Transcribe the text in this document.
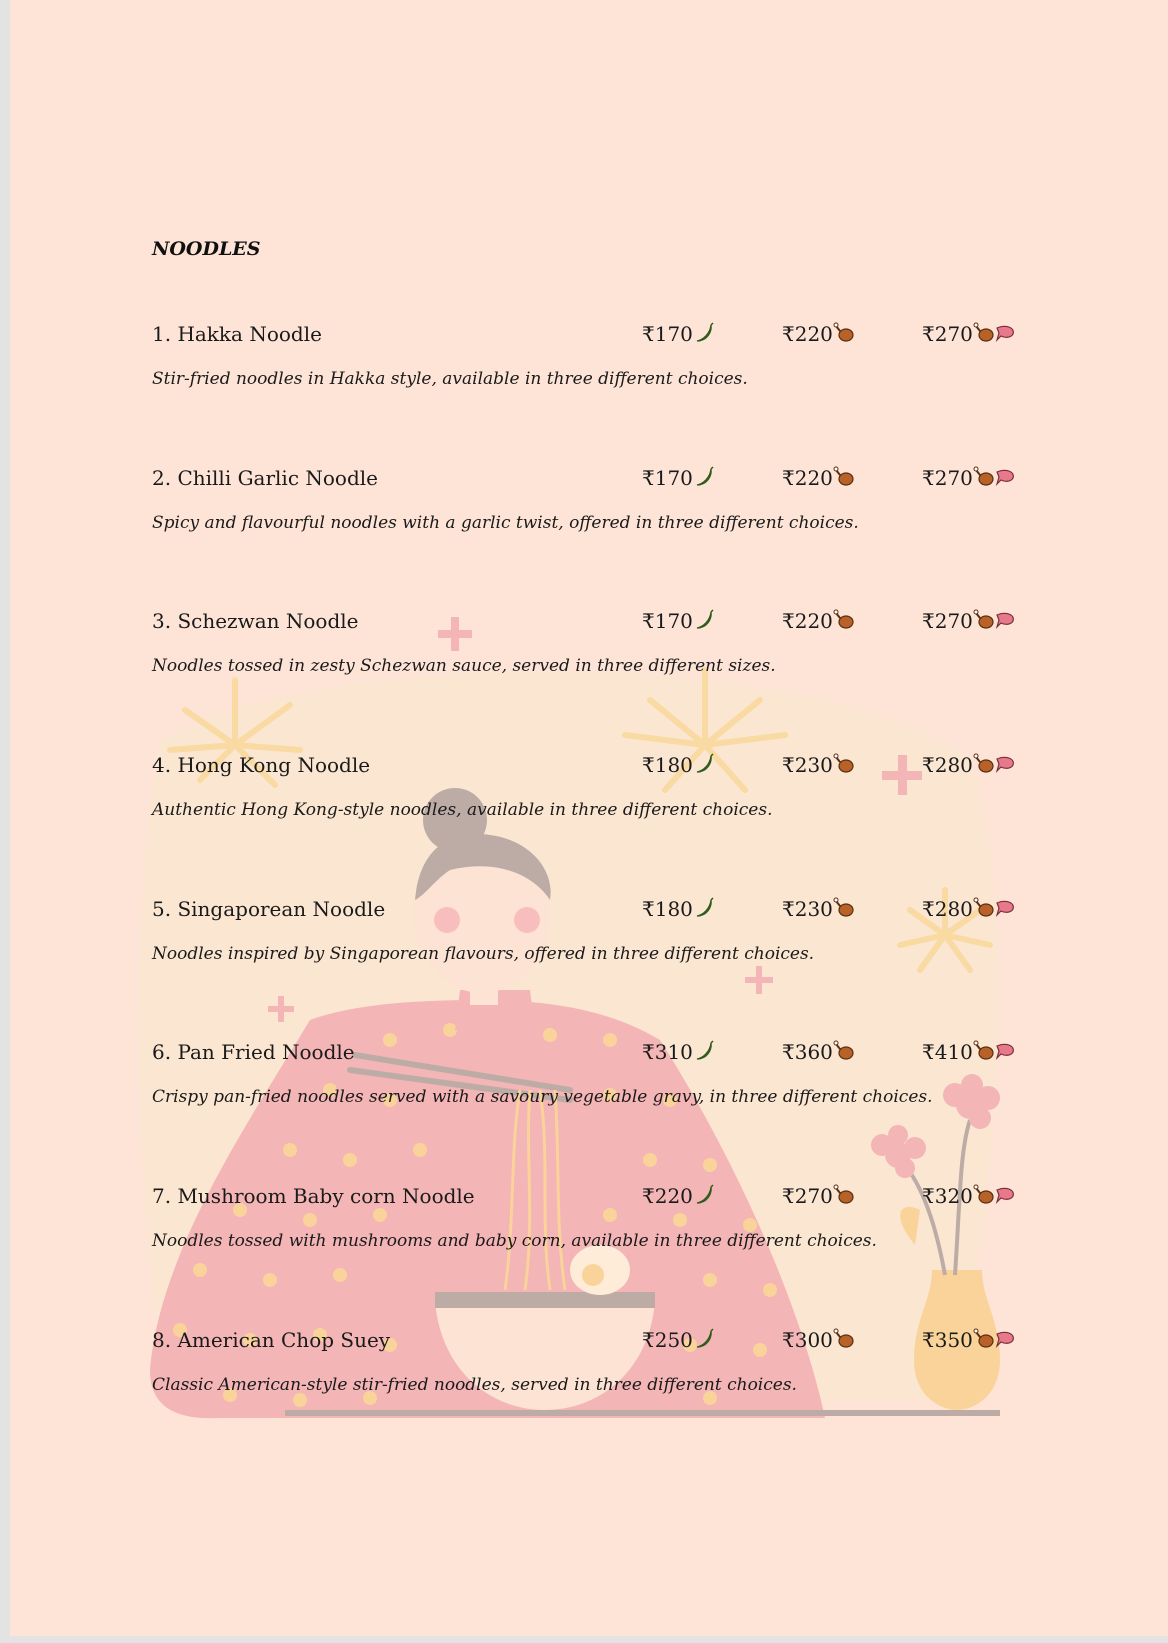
NOODLES
1. Hakka Noodle	₹170	₹220	₹270
Stir-fried noodles in Hakka style, available in three different choices.
2. Chilli Garlic Noodle	₹170	₹220	₹270
Spicy and flavourful noodles with a garlic twist, offered in three different choices.
3. Schezwan Noodle	₹170	₹220	₹270
Noodles tossed in zesty Schezwan sauce, served in three different sizes.
4. Hong Kong Noodle	₹180	₹230	₹280
Authentic Hong Kong-style noodles, available in three different choices.
5. Singaporean Noodle	₹180	₹230	₹280
Noodles inspired by Singaporean flavours, offered in three different choices.
6. Pan Fried Noodle	₹310	₹360	₹410
Crispy pan-fried noodles served with a savoury vegetable gravy, in three different choices.
7. Mushroom Baby corn Noodle	₹220	₹270	₹320
Noodles tossed with mushrooms and baby corn, available in three different choices.
8. American Chop Suey	₹250	₹300	₹350
Classic American-style stir-fried noodles, served in three different choices.
